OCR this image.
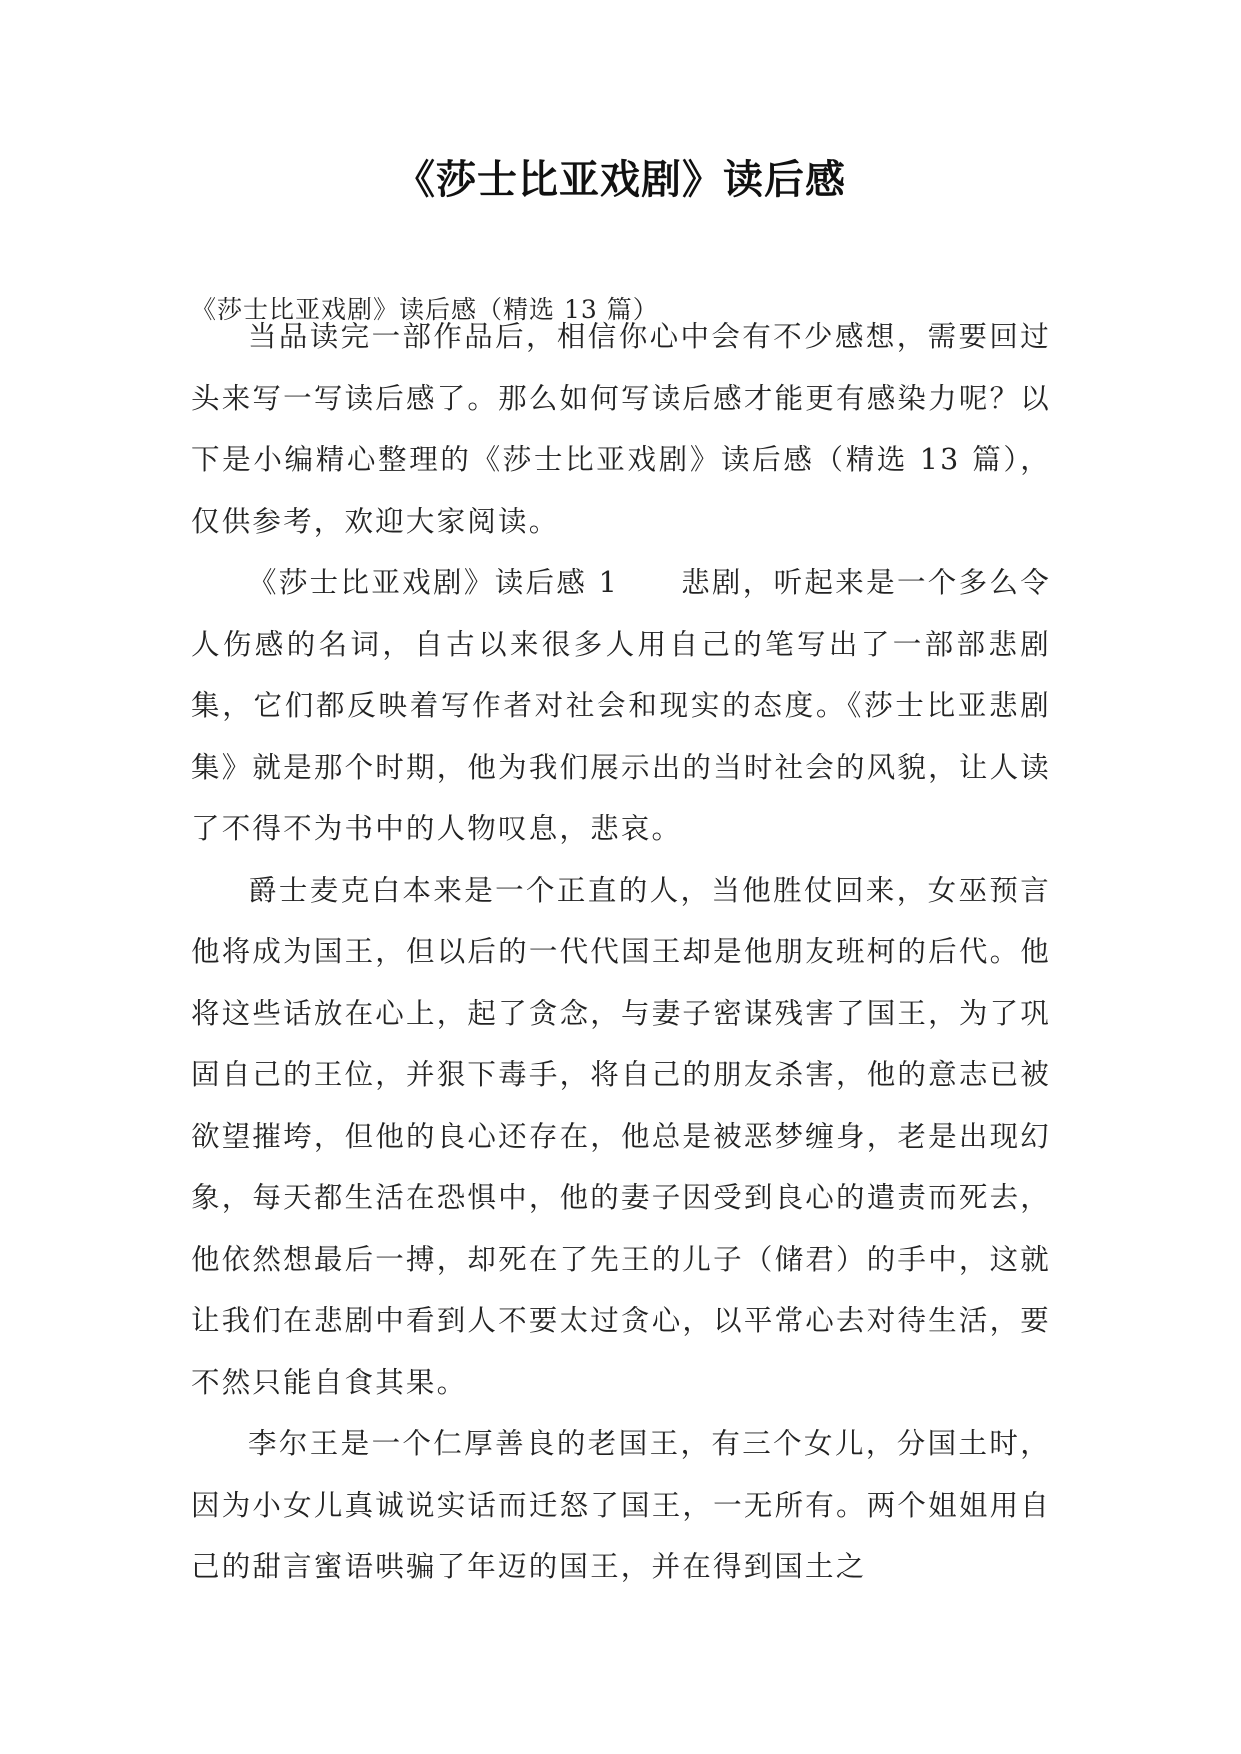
《莎士比亚戏剧》读后感
《莎士比亚戏剧》读后感（精选 13 篇）

当品读完一部作品后，相信你心中会有不少感想，需要回过头来写一写读后感了。那么如何写读后感才能更有感染力呢？以下是小编精心整理的《莎士比亚戏剧》读后感（精选 13 篇），仅供参考，欢迎大家阅读。

《莎士比亚戏剧》读后感 1 悲剧，听起来是一个多么令人伤感的名词，自古以来很多人用自己的笔写出了一部部悲剧集，它们都反映着写作者对社会和现实的态度。《莎士比亚悲剧集》就是那个时期，他为我们展示出的当时社会的风貌，让人读了不得不为书中的人物叹息，悲哀。

爵士麦克白本来是一个正直的人，当他胜仗回来，女巫预言他将成为国王，但以后的一代代国王却是他朋友班柯的后代。他将这些话放在心上，起了贪念，与妻子密谋残害了国王，为了巩固自己的王位，并狠下毒手，将自己的朋友杀害，他的意志已被欲望摧垮，但他的良心还存在，他总是被恶梦缠身，老是出现幻象，每天都生活在恐惧中，他的妻子因受到良心的遣责而死去，他依然想最后一搏，却死在了先王的儿子（储君）的手中，这就让我们在悲剧中看到人不要太过贪心，以平常心去对待生活，要不然只能自食其果。

李尔王是一个仁厚善良的老国王，有三个女儿，分国土时，因为小女儿真诚说实话而迁怒了国王，一无所有。两个姐姐用自己的甜言蜜语哄骗了年迈的国王，并在得到国土之
